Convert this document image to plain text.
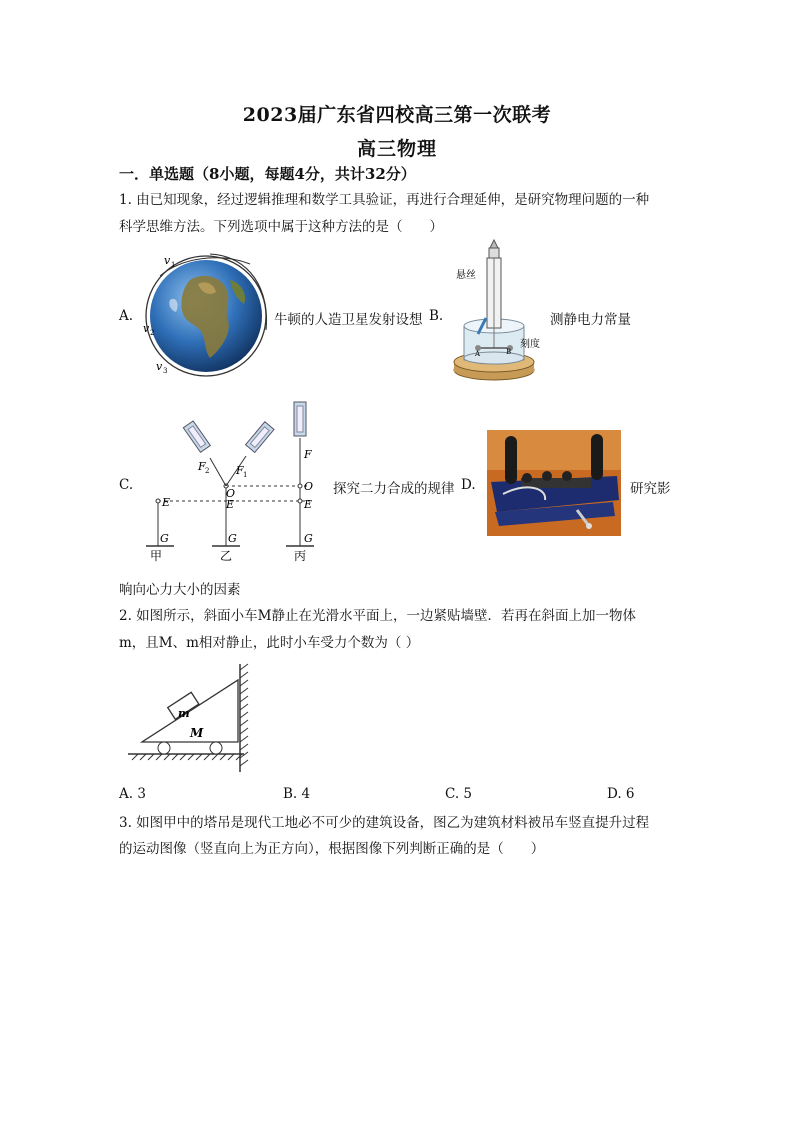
2023届广东省四校高三第一次联考
高三物理
一．单选题（8小题，每题4分，共计32分）
1. 由已知现象，经过逻辑推理和数学工具验证，再进行合理延伸，是研究物理问题的一种
科学思维方法。下列选项中属于这种方法的是（　　）
A.
v 1
v 2
v 3
牛顿的人造卫星发射设想 B.
悬丝
刻度
A	B
测静电力常量
C.
E
G
甲
F 2 F 1
O
E
G
乙
F
O
E
G
丙
探究二力合成的规律 D.	研究影
响向心力大小的因素
2. 如图所示，斜面小车M静止在光滑水平面上，一边紧贴墙壁．若再在斜面上加一物体
m，且M、m相对静止，此时小车受力个数为（ ）
m
M
A. 3	B. 4	C. 5	D. 6
3. 如图甲中的塔吊是现代工地必不可少的建筑设备，图乙为建筑材料被吊车竖直提升过程
的运动图像（竖直向上为正方向），根据图像下列判断正确的是（　　）
